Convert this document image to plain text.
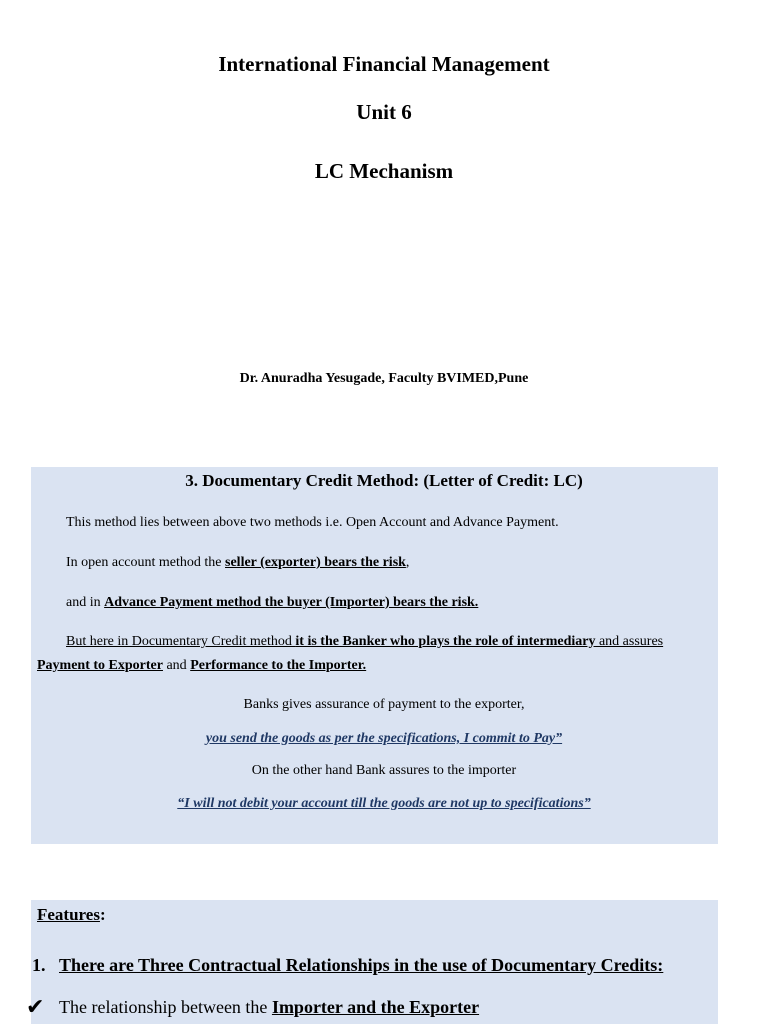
International Financial Management
Unit 6
LC Mechanism
Dr. Anuradha Yesugade, Faculty BVIMED,Pune
3. Documentary Credit Method: (Letter of Credit: LC)
This method lies between above two methods i.e. Open Account and Advance Payment.
In open account method the seller (exporter) bears the risk,
and in Advance Payment method the buyer (Importer) bears the risk.
But here in Documentary Credit method it is the Banker who plays the role of intermediary and assures
Payment to Exporter and Performance to the Importer.
Banks gives assurance of payment to the exporter,
you send the goods as per the specifications, I commit to Pay”
On the other hand Bank assures to the importer
“I will not debit your account till the goods are not up to specifications”
Features:
1. There are Three Contractual Relationships in the use of Documentary Credits:
✔ The relationship between the Importer and the Exporter
